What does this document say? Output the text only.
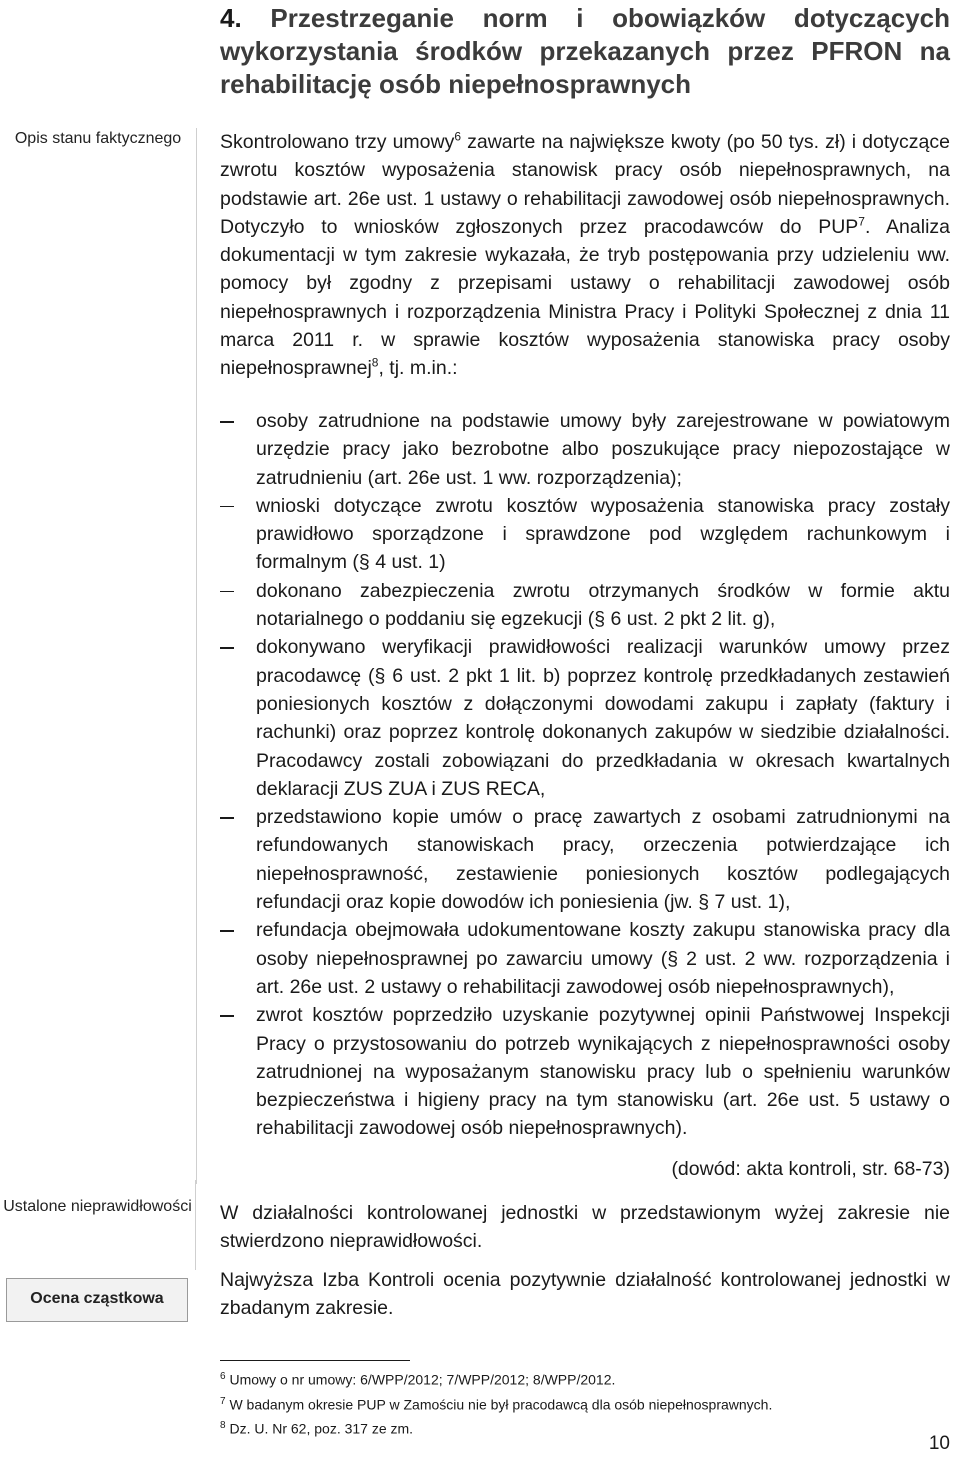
4. Przestrzeganie norm i obowiązków dotyczących wykorzystania środków przekazanych przez PFRON na rehabilitację osób niepełnosprawnych
Opis stanu faktycznego
Ustalone nieprawidłowości
Ocena cząstkowa
Skontrolowano trzy umowy$^6$ zawarte na największe kwoty (po 50 tys. zł) i dotyczące zwrotu kosztów wyposażenia stanowisk pracy osób niepełnosprawnych, na podstawie art. 26e ust. 1 ustawy o rehabilitacji zawodowej osób niepełnosprawnych. Dotyczyło to wniosków zgłoszonych przez pracodawców do PUP$^7$. Analiza dokumentacji w tym zakresie wykazała, że tryb postępowania przy udzieleniu ww. pomocy był zgodny z przepisami ustawy o rehabilitacji zawodowej osób niepełnosprawnych i rozporządzenia Ministra Pracy i Polityki Społecznej z dnia 11 marca 2011 r. w sprawie kosztów wyposażenia stanowiska pracy osoby niepełnosprawnej$^8$, tj. m.in.:
osoby zatrudnione na podstawie umowy były zarejestrowane w powiatowym urzędzie pracy jako bezrobotne albo poszukujące pracy niepozostające w zatrudnieniu (art. 26e ust. 1 ww. rozporządzenia);
wnioski dotyczące zwrotu kosztów wyposażenia stanowiska pracy zostały prawidłowo sporządzone i sprawdzone pod względem rachunkowym i formalnym (§ 4 ust. 1)
dokonano zabezpieczenia zwrotu otrzymanych środków w formie aktu notarialnego o poddaniu się egzekucji (§ 6 ust. 2 pkt 2 lit. g),
dokonywano weryfikacji prawidłowości realizacji warunków umowy przez pracodawcę (§ 6 ust. 2 pkt 1 lit. b) poprzez kontrolę przedkładanych zestawień poniesionych kosztów z dołączonymi dowodami zakupu i zapłaty (faktury i rachunki) oraz poprzez kontrolę dokonanych zakupów w siedzibie działalności. Pracodawcy zostali zobowiązani do przedkładania w okresach kwartalnych deklaracji ZUS ZUA i ZUS RECA,
przedstawiono kopie umów o pracę zawartych z osobami zatrudnionymi na refundowanych stanowiskach pracy, orzeczenia potwierdzające ich niepełnosprawność, zestawienie poniesionych kosztów podlegających refundacji oraz kopie dowodów ich poniesienia (jw. § 7 ust. 1),
refundacja obejmowała udokumentowane koszty zakupu stanowiska pracy dla osoby niepełnosprawnej po zawarciu umowy (§ 2 ust. 2 ww. rozporządzenia i art. 26e ust. 2 ustawy o rehabilitacji zawodowej osób niepełnosprawnych),
zwrot kosztów poprzedziło uzyskanie pozytywnej opinii Państwowej Inspekcji Pracy o przystosowaniu do potrzeb wynikających z niepełnosprawności osoby zatrudnionej na wyposażanym stanowisku pracy lub o spełnieniu warunków bezpieczeństwa i higieny pracy na tym stanowisku (art. 26e ust. 5 ustawy o rehabilitacji zawodowej osób niepełnosprawnych).
(dowód: akta kontroli, str. 68-73)
W działalności kontrolowanej jednostki w przedstawionym wyżej zakresie nie stwierdzono nieprawidłowości.
Najwyższa Izba Kontroli ocenia pozytywnie działalność kontrolowanej jednostki w zbadanym zakresie.
$^6$ Umowy o nr umowy: 6/WPP/2012; 7/WPP/2012; 8/WPP/2012.
$^7$ W badanym okresie PUP w Zamościu nie był pracodawcą dla osób niepełnosprawnych.
$^8$ Dz. U. Nr 62, poz. 317 ze zm.
10
